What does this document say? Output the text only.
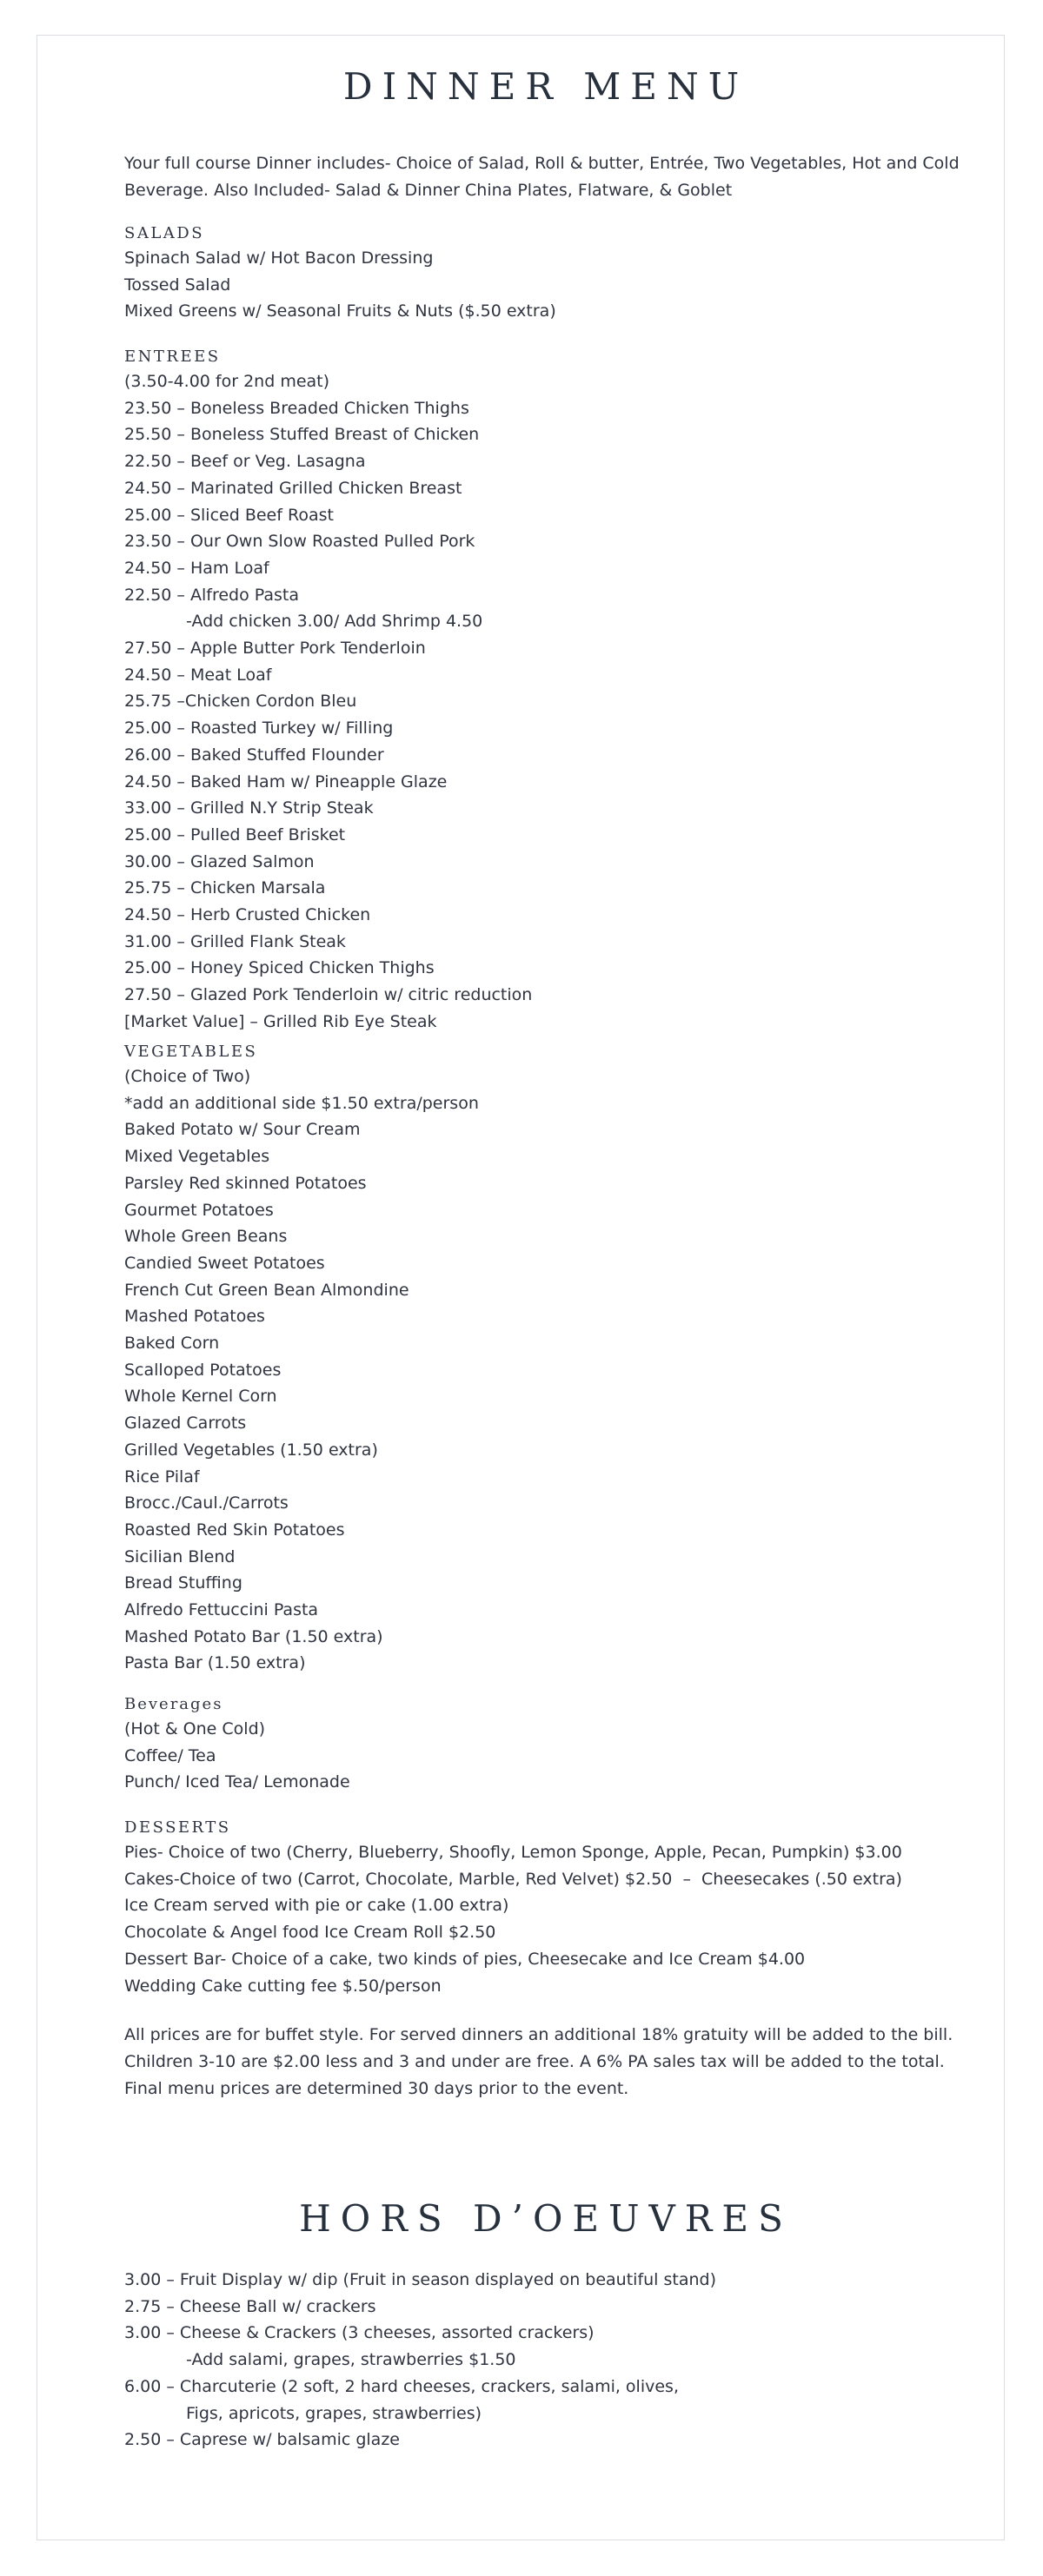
DINNER MENU

Your full course Dinner includes- Choice of Salad, Roll & butter, Entrée, Two Vegetables, Hot and Cold Beverage. Also Included- Salad & Dinner China Plates, Flatware, & Goblet

SALADS
Spinach Salad w/ Hot Bacon Dressing
Tossed Salad
Mixed Greens w/ Seasonal Fruits & Nuts ($.50 extra)
ENTREES
(3.50-4.00 for 2nd meat)
23.50 – Boneless Breaded Chicken Thighs
25.50 – Boneless Stuffed Breast of Chicken
22.50 – Beef or Veg. Lasagna
24.50 – Marinated Grilled Chicken Breast
25.00 – Sliced Beef Roast
23.50 – Our Own Slow Roasted Pulled Pork
24.50 – Ham Loaf
22.50 – Alfredo Pasta
-Add chicken 3.00/ Add Shrimp 4.50
27.50 – Apple Butter Pork Tenderloin
24.50 – Meat Loaf
25.75 –Chicken Cordon Bleu
25.00 – Roasted Turkey w/ Filling
26.00 – Baked Stuffed Flounder
24.50 – Baked Ham w/ Pineapple Glaze
33.00 – Grilled N.Y Strip Steak
25.00 – Pulled Beef Brisket
30.00 – Glazed Salmon
25.75 – Chicken Marsala
24.50 – Herb Crusted Chicken
31.00 – Grilled Flank Steak
25.00 – Honey Spiced Chicken Thighs
27.50 – Glazed Pork Tenderloin w/ citric reduction
[Market Value] – Grilled Rib Eye Steak
VEGETABLES
(Choice of Two)
*add an additional side $1.50 extra/person
Baked Potato w/ Sour Cream
Mixed Vegetables
Parsley Red skinned Potatoes
Gourmet Potatoes
Whole Green Beans
Candied Sweet Potatoes
French Cut Green Bean Almondine
Mashed Potatoes
Baked Corn
Scalloped Potatoes
Whole Kernel Corn
Glazed Carrots
Grilled Vegetables (1.50 extra)
Rice Pilaf
Brocc./Caul./Carrots
Roasted Red Skin Potatoes
Sicilian Blend
Bread Stuffing
Alfredo Fettuccini Pasta
Mashed Potato Bar (1.50 extra)
Pasta Bar (1.50 extra)
Beverages
(Hot & One Cold)
Coffee/ Tea
Punch/ Iced Tea/ Lemonade
DESSERTS
Pies- Choice of two (Cherry, Blueberry, Shoofly, Lemon Sponge, Apple, Pecan, Pumpkin) $3.00
Cakes-Choice of two (Carrot, Chocolate, Marble, Red Velvet) $2.50  –  Cheesecakes (.50 extra)
Ice Cream served with pie or cake (1.00 extra)
Chocolate & Angel food Ice Cream Roll $2.50
Dessert Bar- Choice of a cake, two kinds of pies, Cheesecake and Ice Cream $4.00
Wedding Cake cutting fee $.50/person

All prices are for buffet style. For served dinners an additional 18% gratuity will be added to the bill. Children 3-10 are $2.00 less and 3 and under are free. A 6% PA sales tax will be added to the total. Final menu prices are determined 30 days prior to the event.

HORS D’OEUVRES
3.00 – Fruit Display w/ dip (Fruit in season displayed on beautiful stand)
2.75 – Cheese Ball w/ crackers
3.00 – Cheese & Crackers (3 cheeses, assorted crackers)
-Add salami, grapes, strawberries $1.50
6.00 – Charcuterie (2 soft, 2 hard cheeses, crackers, salami, olives,
Figs, apricots, grapes, strawberries)
2.50 – Caprese w/ balsamic glaze
